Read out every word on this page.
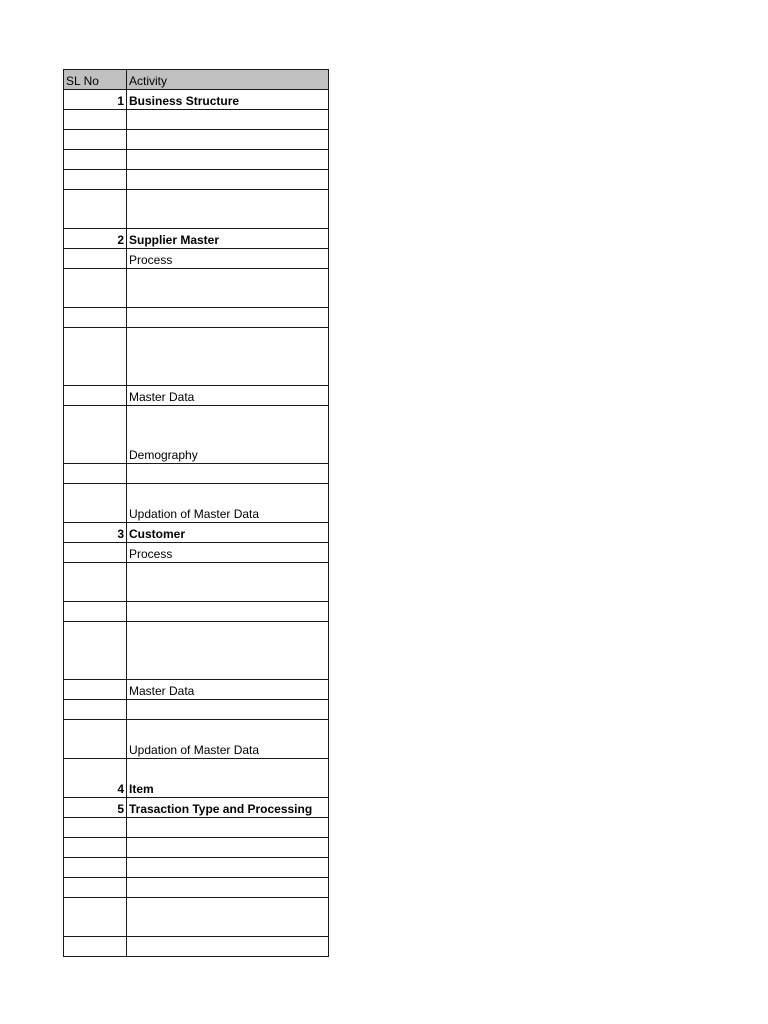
SL No	Activity
1	Business Structure

2	Supplier Master
	Process

	Master Data
	Demography

	Updation of Master Data
3	Customer
	Process

	Master Data

	Updation of Master Data
4	Item
5	Trasaction Type and Processing
